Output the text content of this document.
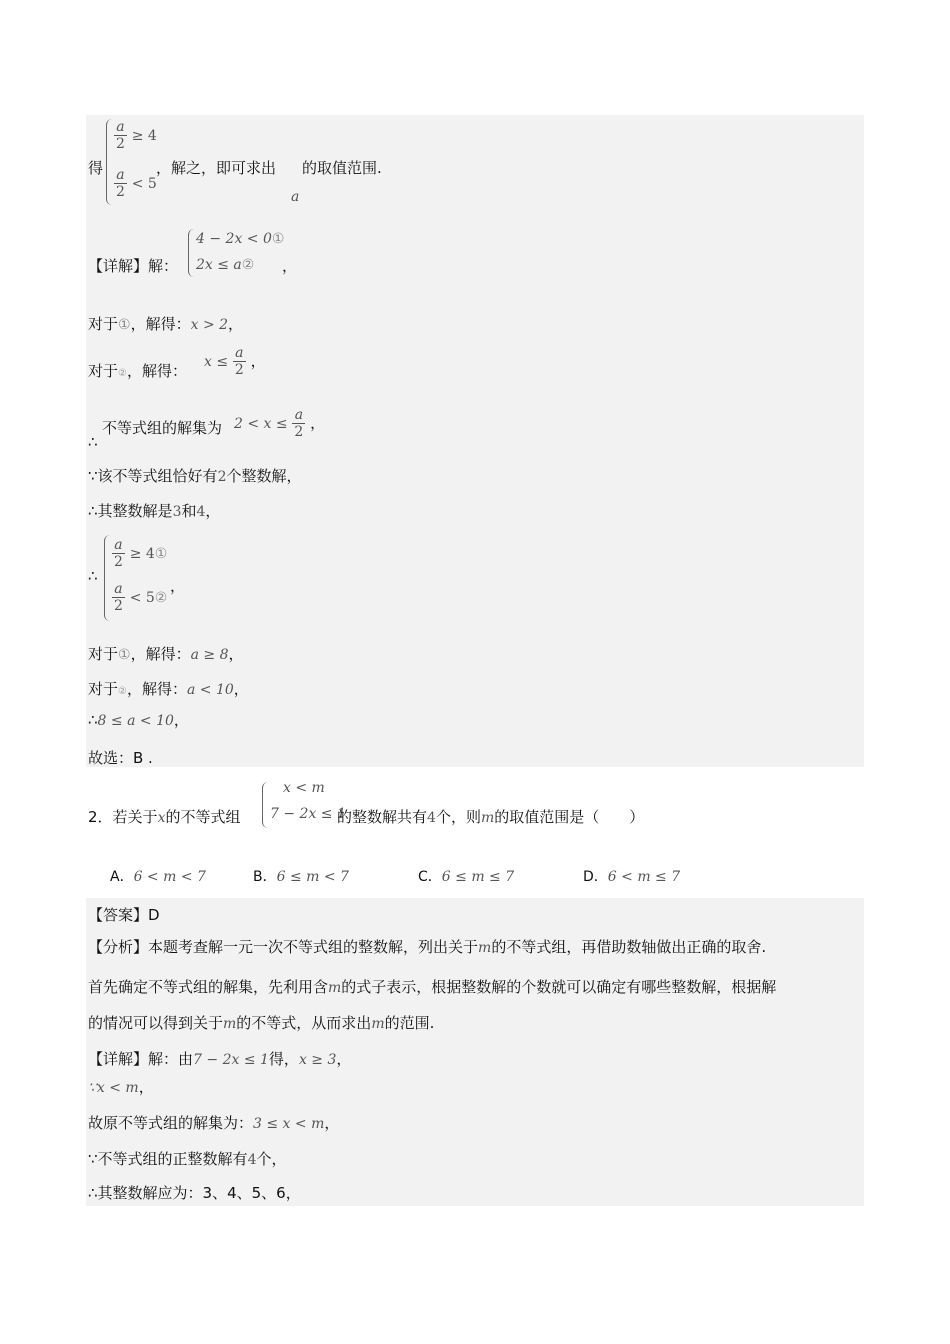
得
$\frac{a}{2} \ge 4$
$\frac{a}{2} < 5$
，解之，即可求出 的取值范围.
a
【详解】解：
4 − 2x < 0①
2x ≤ a② ，
对于①，解得：x > 2，
对于②，解得： $x \le \frac{a}{2}$ ，
∴
不等式组的解集为 $2 < x \le \frac{a}{2}$ ，
∵该不等式组恰好有2个整数解，
∴其整数解是3和4，
∴
$\frac{a}{2}$ ≥ 4①
$\frac{a}{2}$ < 5②
，
对于①，解得：a ≥ 8，
对于②，解得：a < 10，
∴8 ≤ a < 10，
故选：B .
2．若关于x的不等式组
x < m
7 − 2x ≤ 1
的整数解共有4个，则m的取值范围是（　　）
A．6 < m < 7	B．6 ≤ m < 7	C．6 ≤ m ≤ 7	D．6 < m ≤ 7
【答案】D
【分析】本题考查解一元一次不等式组的整数解，列出关于m的不等式组，再借助数轴做出正确的取舍.
首先确定不等式组的解集，先利用含m的式子表示，根据整数解的个数就可以确定有哪些整数解，根据解
的情况可以得到关于m的不等式，从而求出m的范围.
【详解】解：由7 − 2x ≤ 1得，x ≥ 3，
∵x < m，
故原不等式组的解集为：3 ≤ x < m，
∵不等式组的正整数解有4个，
∴其整数解应为：3、4、5、6，
